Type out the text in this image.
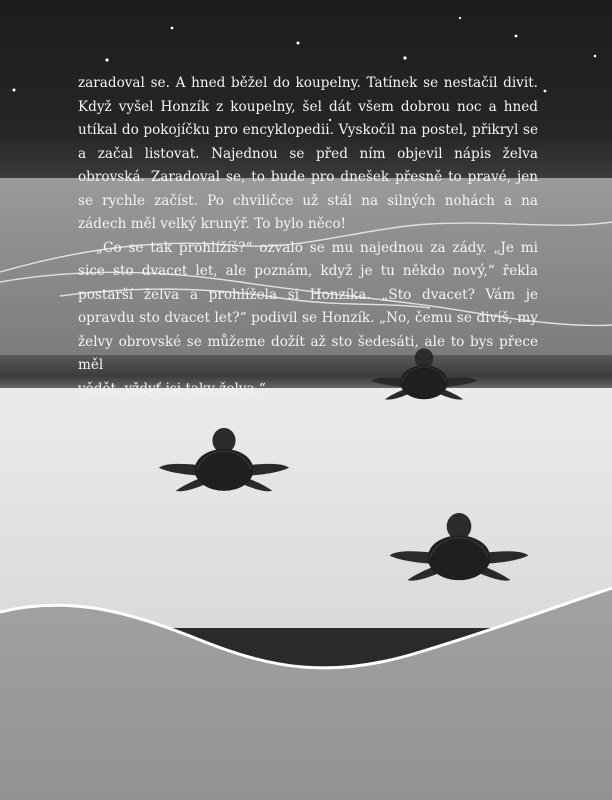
zaradoval se. A hned běžel do koupelny. Tatínek se nestačil divit. Když vyšel Honzík z koupelny, šel dát všem dobrou noc a hned utíkal do pokojíčku pro encyklopedii. Vyskočil na postel, přikryl se a začal listovat. Najednou se před ním objevil nápis želva obrovská. Zaradoval se, to bude pro dnešek přesně to pravé, jen se rychle začíst. Po chviličce už stál na silných nohách a na zádech měl velký krunýř. To bylo něco!

„Co se tak prohlížíš?“ ozvalo se mu najednou za zády. „Je mi sice sto dvacet let, ale poznám, když je tu někdo nový,“ řekla postarší želva a prohlížela si Honzíka. „Sto dvacet? Vám je opravdu sto dvacet let?“ podivil se Honzík. „No, čemu se divíš, my želvy obrovské se můžeme dožít až sto šedesáti, ale to bys přece měl

vědět, vždyť jsi taky želva.“
